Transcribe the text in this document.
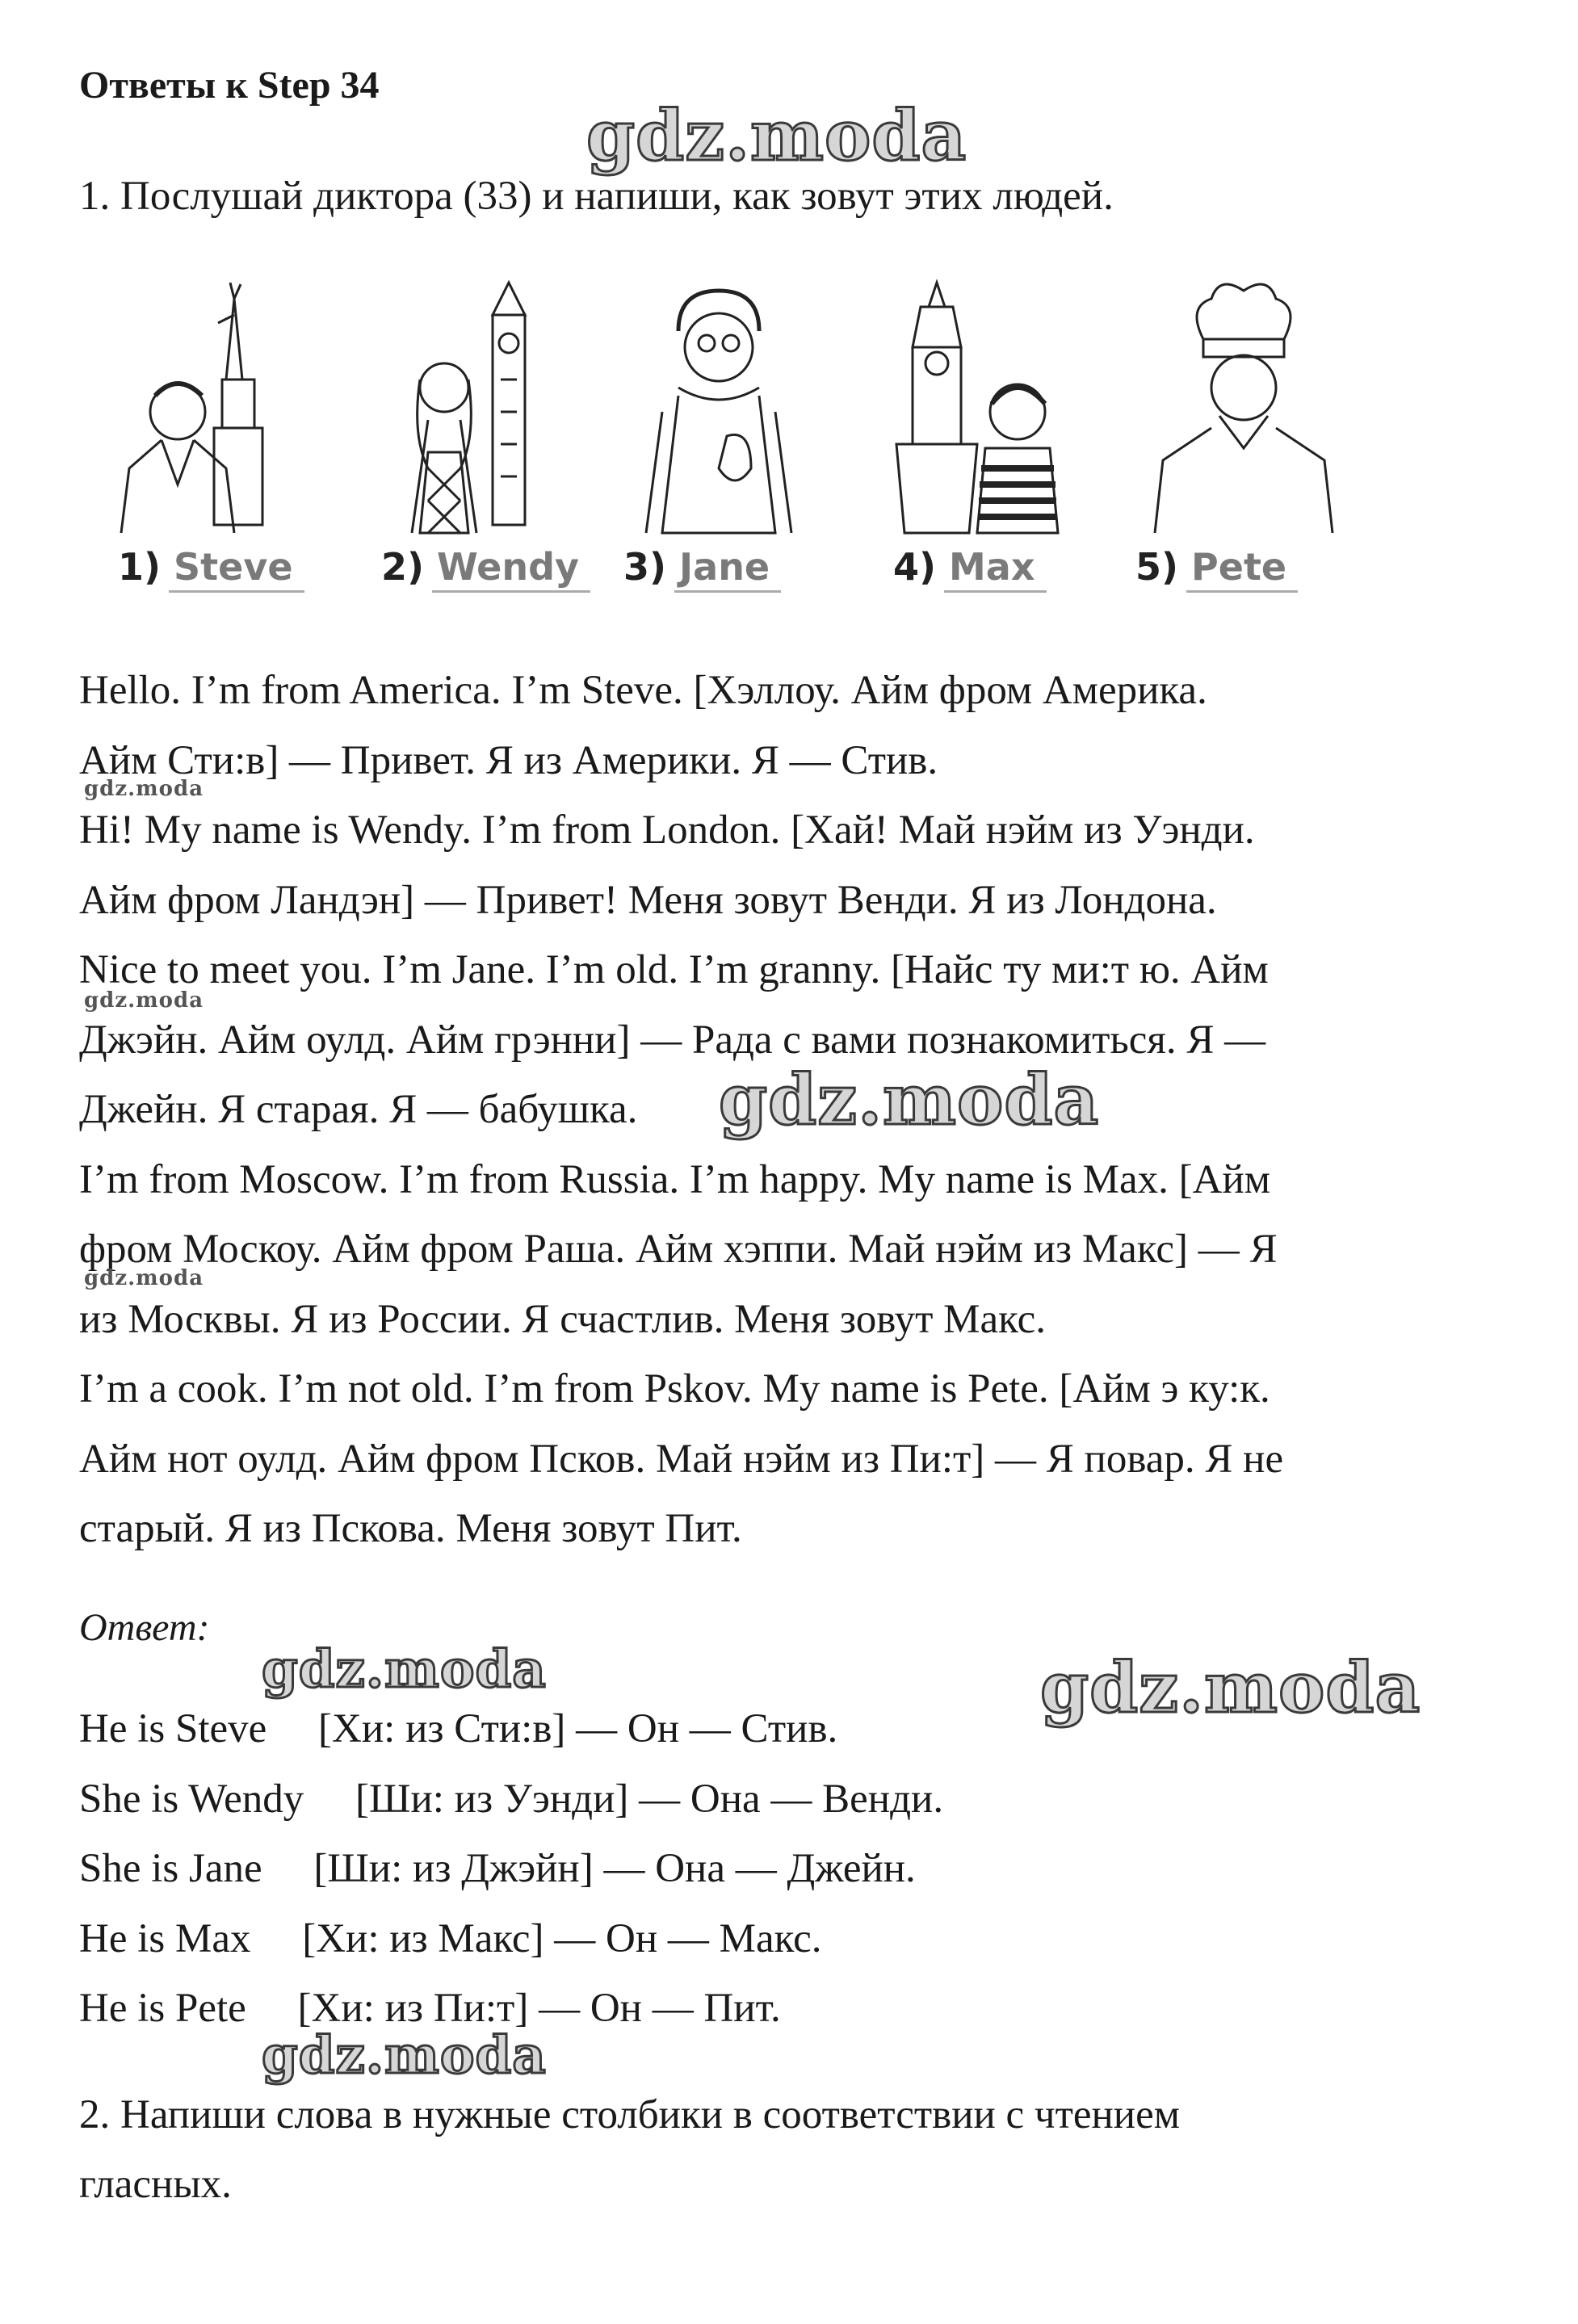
Ответы к Step 34
1. Послушай диктора (33) и напиши, как зовут этих людей.
1) Steve	2) Wendy	3) Jane	4) Max	5) Pete

Hello. I’m from America. I’m Steve. [Хэллоу. Айм фром Америка.

Айм Сти:в] — Привет. Я из Америки. Я — Стив.

Hi! My name is Wendy. I’m from London. [Хай! Май нэйм из Уэнди.

Айм фром Ландэн] — Привет! Меня зовут Венди. Я из Лондона.

Nice to meet you. I’m Jane. I’m old. I’m granny. [Найс ту ми:т ю. Айм

Джэйн. Айм оулд. Айм грэнни] — Рада с вами познакомиться. Я —

Джейн. Я старая. Я — бабушка.

I’m from Moscow. I’m from Russia. I’m happy. My name is Max. [Айм

фром Москоу. Айм фром Раша. Айм хэппи. Май нэйм из Макс] — Я

из Москвы. Я из России. Я счастлив. Меня зовут Макс.

I’m a cook. I’m not old. I’m from Pskov. My name is Pete. [Айм э ку:к.

Айм нот оулд. Айм фром Псков. Май нэйм из Пи:т] — Я повар. Я не

старый. Я из Пскова. Меня зовут Пит.

Ответ:
He is Steve     [Хи: из Сти:в] — Он — Стив.
She is Wendy     [Ши: из Уэнди] — Она — Венди.
She is Jane     [Ши: из Джэйн] — Она — Джейн.
He is Max     [Хи: из Макс] — Он — Макс.
He is Pete     [Хи: из Пи:т] — Он — Пит.
2. Напиши слова в нужные столбики в соответствии с чтением
гласных.
gdz.moda
gdz.moda
gdz.moda
gdz.moda
gdz.moda
gdz.moda	gdz.moda
gdz.moda
